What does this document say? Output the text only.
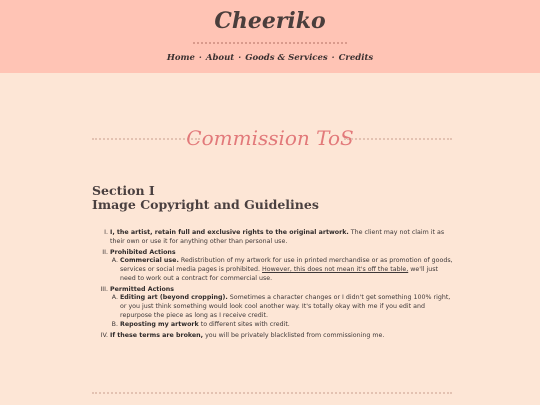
Cheeriko
Home · About · Goods & Services · Credits
Commission ToS
Section I
Image Copyright and Guidelines
I. I, the artist, retain full and exclusive rights to the original artwork. The client may not claim it as their own or use it for anything other than personal use.
II. Prohibited Actions
A. Commercial use. Redistribution of my artwork for use in printed merchandise or as promotion of goods, services or social media pages is prohibited. However, this does not mean it's off the table, we'll just need to work out a contract for commercial use.
III. Permitted Actions
A. Editing art (beyond cropping). Sometimes a character changes or I didn't get something 100% right, or you just think something would look cool another way. It's totally okay with me if you edit and repurpose the piece as long as I receive credit.
B. Reposting my artwork to different sites with credit.
IV. If these terms are broken, you will be privately blacklisted from commissioning me.
